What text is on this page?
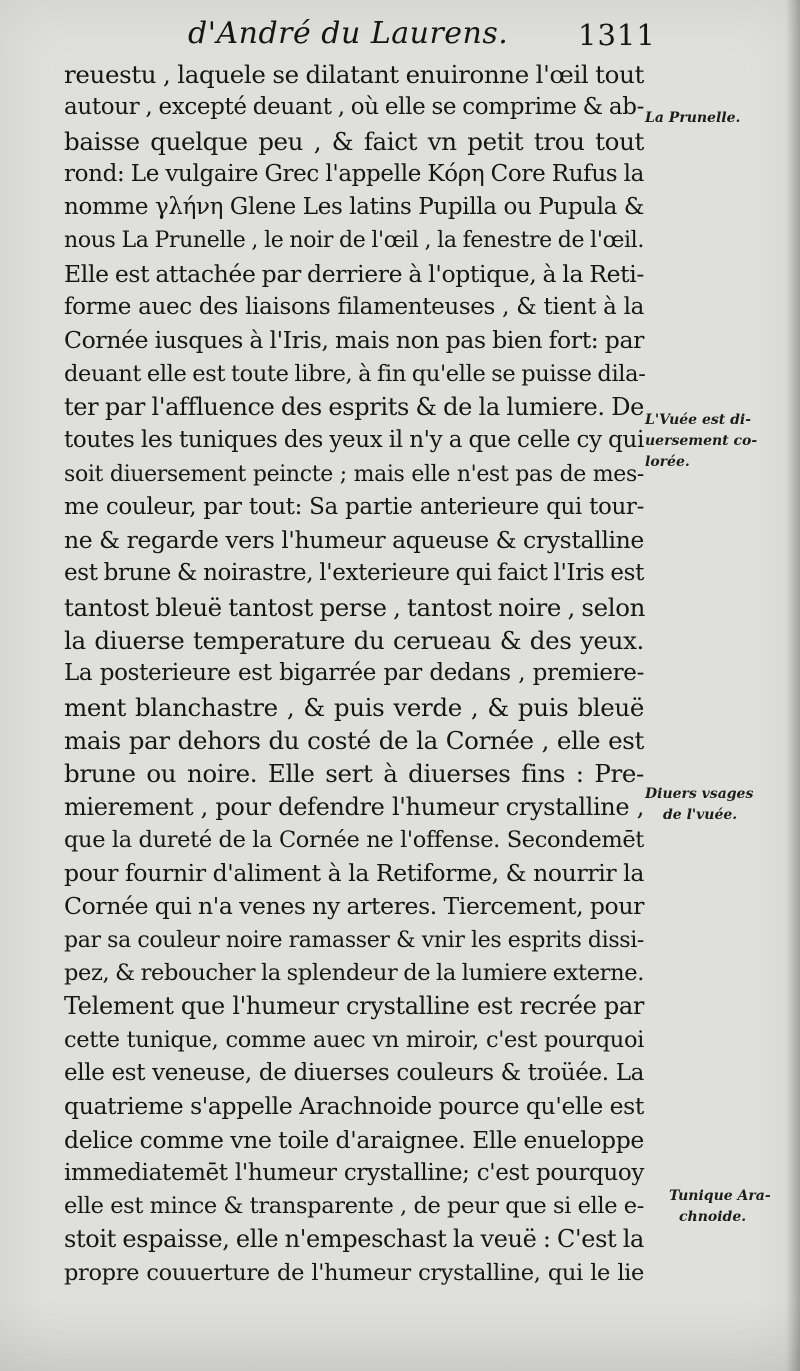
d'André du Laurens. 1311
reuestu , laquele se dilatant enuironne l'œil tout
autour , excepté deuant , où elle se comprime & ab-
baisse quelque peu , & faict vn petit trou tout
rond: Le vulgaire Grec l'appelle Κόρη Core Rufus la
nomme γλήνη Glene Les latins Pupilla ou Pupula &
nous La Prunelle , le noir de l'œil , la fenestre de l'œil.
Elle est attachée par derriere à l'optique, à la Reti-
forme auec des liaisons filamenteuses , & tient à la
Cornée iusques à l'Iris, mais non pas bien fort: par
deuant elle est toute libre, à fin qu'elle se puisse dila-
ter par l'affluence des esprits & de la lumiere. De
toutes les tuniques des yeux il n'y a que celle cy qui
soit diuersement peincte ; mais elle n'est pas de mes-
me couleur, par tout: Sa partie anterieure qui tour-
ne & regarde vers l'humeur aqueuse & crystalline
est brune & noirastre, l'exterieure qui faict l'Iris est
tantost bleuë tantost perse , tantost noire , selon
la diuerse temperature du cerueau & des yeux.
La posterieure est bigarrée par dedans , premiere-
ment blanchastre , & puis verde , & puis bleuë
mais par dehors du costé de la Cornée , elle est
brune ou noire. Elle sert à diuerses fins : Pre-
mierement , pour defendre l'humeur crystalline ,
que la dureté de la Cornée ne l'offense. Secondemēt
pour fournir d'aliment à la Retiforme, & nourrir la
Cornée qui n'a venes ny arteres. Tiercement, pour
par sa couleur noire ramasser & vnir les esprits dissi-
pez, & reboucher la splendeur de la lumiere externe.
Telement que l'humeur crystalline est recrée par
cette tunique, comme auec vn miroir, c'est pourquoi
elle est veneuse, de diuerses couleurs & troüée. La
quatrieme s'appelle Arachnoide pource qu'elle est
delice comme vne toile d'araignee. Elle enueloppe
immediatemēt l'humeur crystalline; c'est pourquoy
elle est mince & transparente , de peur que si elle e-
stoit espaisse, elle n'empeschast la veuë : C'est la
propre couuerture de l'humeur crystalline, qui le lie
La Prunelle.
L'Vuée est di-
uersement co-
lorée.
Diuers vsages
de l'vuée.
Tunique Ara-
chnoide.
